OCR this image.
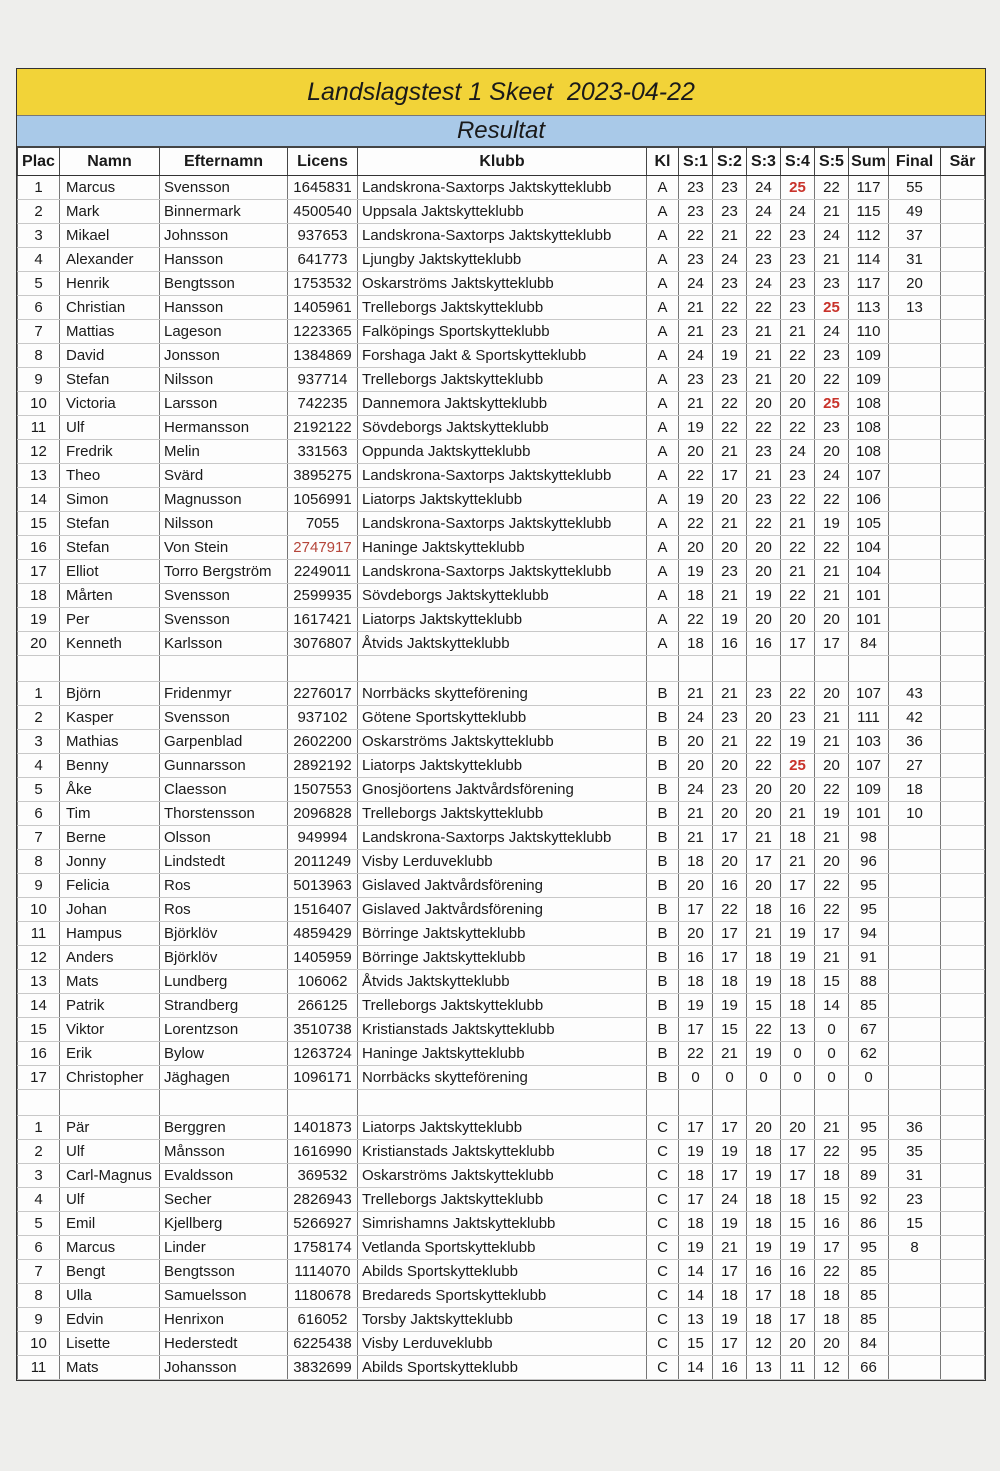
Landslagstest 1 Skeet  2023-04-22
Resultat
Plac	Namn	Efternamn	Licens	Klubb	Kl	S:1	S:2	S:3	S:4	S:5	Sum	Final	Sär
1	Marcus	Svensson	1645831	Landskrona-Saxtorps Jaktskytteklubb	A	23	23	24	25	22	117	55	
2	Mark	Binnermark	4500540	Uppsala Jaktskytteklubb	A	23	23	24	24	21	115	49	
3	Mikael	Johnsson	937653	Landskrona-Saxtorps Jaktskytteklubb	A	22	21	22	23	24	112	37	
4	Alexander	Hansson	641773	Ljungby Jaktskytteklubb	A	23	24	23	23	21	114	31	
5	Henrik	Bengtsson	1753532	Oskarströms Jaktskytteklubb	A	24	23	24	23	23	117	20	
6	Christian	Hansson	1405961	Trelleborgs Jaktskytteklubb	A	21	22	22	23	25	113	13	
7	Mattias	Lageson	1223365	Falköpings Sportskytteklubb	A	21	23	21	21	24	110		
8	David	Jonsson	1384869	Forshaga Jakt & Sportskytteklubb	A	24	19	21	22	23	109		
9	Stefan	Nilsson	937714	Trelleborgs Jaktskytteklubb	A	23	23	21	20	22	109		
10	Victoria	Larsson	742235	Dannemora Jaktskytteklubb	A	21	22	20	20	25	108		
11	Ulf	Hermansson	2192122	Sövdeborgs Jaktskytteklubb	A	19	22	22	22	23	108		
12	Fredrik	Melin	331563	Oppunda Jaktskytteklubb	A	20	21	23	24	20	108		
13	Theo	Svärd	3895275	Landskrona-Saxtorps Jaktskytteklubb	A	22	17	21	23	24	107		
14	Simon	Magnusson	1056991	Liatorps Jaktskytteklubb	A	19	20	23	22	22	106		
15	Stefan	Nilsson	7055	Landskrona-Saxtorps Jaktskytteklubb	A	22	21	22	21	19	105		
16	Stefan	Von Stein	2747917	Haninge Jaktskytteklubb	A	20	20	20	22	22	104		
17	Elliot	Torro Bergström	2249011	Landskrona-Saxtorps Jaktskytteklubb	A	19	23	20	21	21	104		
18	Mårten	Svensson	2599935	Sövdeborgs Jaktskytteklubb	A	18	21	19	22	21	101		
19	Per	Svensson	1617421	Liatorps Jaktskytteklubb	A	22	19	20	20	20	101		
20	Kenneth	Karlsson	3076807	Åtvids Jaktskytteklubb	A	18	16	16	17	17	84		

1	Björn	Fridenmyr	2276017	Norrbäcks skytteförening	B	21	21	23	22	20	107	43	
2	Kasper	Svensson	937102	Götene Sportskytteklubb	B	24	23	20	23	21	111	42	
3	Mathias	Garpenblad	2602200	Oskarströms Jaktskytteklubb	B	20	21	22	19	21	103	36	
4	Benny	Gunnarsson	2892192	Liatorps Jaktskytteklubb	B	20	20	22	25	20	107	27	
5	Åke	Claesson	1507553	Gnosjöortens Jaktvårdsförening	B	24	23	20	20	22	109	18	
6	Tim	Thorstensson	2096828	Trelleborgs Jaktskytteklubb	B	21	20	20	21	19	101	10	
7	Berne	Olsson	949994	Landskrona-Saxtorps Jaktskytteklubb	B	21	17	21	18	21	98		
8	Jonny	Lindstedt	2011249	Visby Lerduveklubb	B	18	20	17	21	20	96		
9	Felicia	Ros	5013963	Gislaved Jaktvårdsförening	B	20	16	20	17	22	95		
10	Johan	Ros	1516407	Gislaved Jaktvårdsförening	B	17	22	18	16	22	95		
11	Hampus	Björklöv	4859429	Börringe Jaktskytteklubb	B	20	17	21	19	17	94		
12	Anders	Björklöv	1405959	Börringe Jaktskytteklubb	B	16	17	18	19	21	91		
13	Mats	Lundberg	106062	Åtvids Jaktskytteklubb	B	18	18	19	18	15	88		
14	Patrik	Strandberg	266125	Trelleborgs Jaktskytteklubb	B	19	19	15	18	14	85		
15	Viktor	Lorentzson	3510738	Kristianstads Jaktskytteklubb	B	17	15	22	13	0	67		
16	Erik	Bylow	1263724	Haninge Jaktskytteklubb	B	22	21	19	0	0	62		
17	Christopher	Jäghagen	1096171	Norrbäcks skytteförening	B	0	0	0	0	0	0		

1	Pär	Berggren	1401873	Liatorps Jaktskytteklubb	C	17	17	20	20	21	95	36	
2	Ulf	Månsson	1616990	Kristianstads Jaktskytteklubb	C	19	19	18	17	22	95	35	
3	Carl-Magnus	Evaldsson	369532	Oskarströms Jaktskytteklubb	C	18	17	19	17	18	89	31	
4	Ulf	Secher	2826943	Trelleborgs Jaktskytteklubb	C	17	24	18	18	15	92	23	
5	Emil	Kjellberg	5266927	Simrishamns Jaktskytteklubb	C	18	19	18	15	16	86	15	
6	Marcus	Linder	1758174	Vetlanda Sportskytteklubb	C	19	21	19	19	17	95	8	
7	Bengt	Bengtsson	1114070	Abilds Sportskytteklubb	C	14	17	16	16	22	85		
8	Ulla	Samuelsson	1180678	Bredareds Sportskytteklubb	C	14	18	17	18	18	85		
9	Edvin	Henrixon	616052	Torsby Jaktskytteklubb	C	13	19	18	17	18	85		
10	Lisette	Hederstedt	6225438	Visby Lerduveklubb	C	15	17	12	20	20	84		
11	Mats	Johansson	3832699	Abilds Sportskytteklubb	C	14	16	13	11	12	66		
